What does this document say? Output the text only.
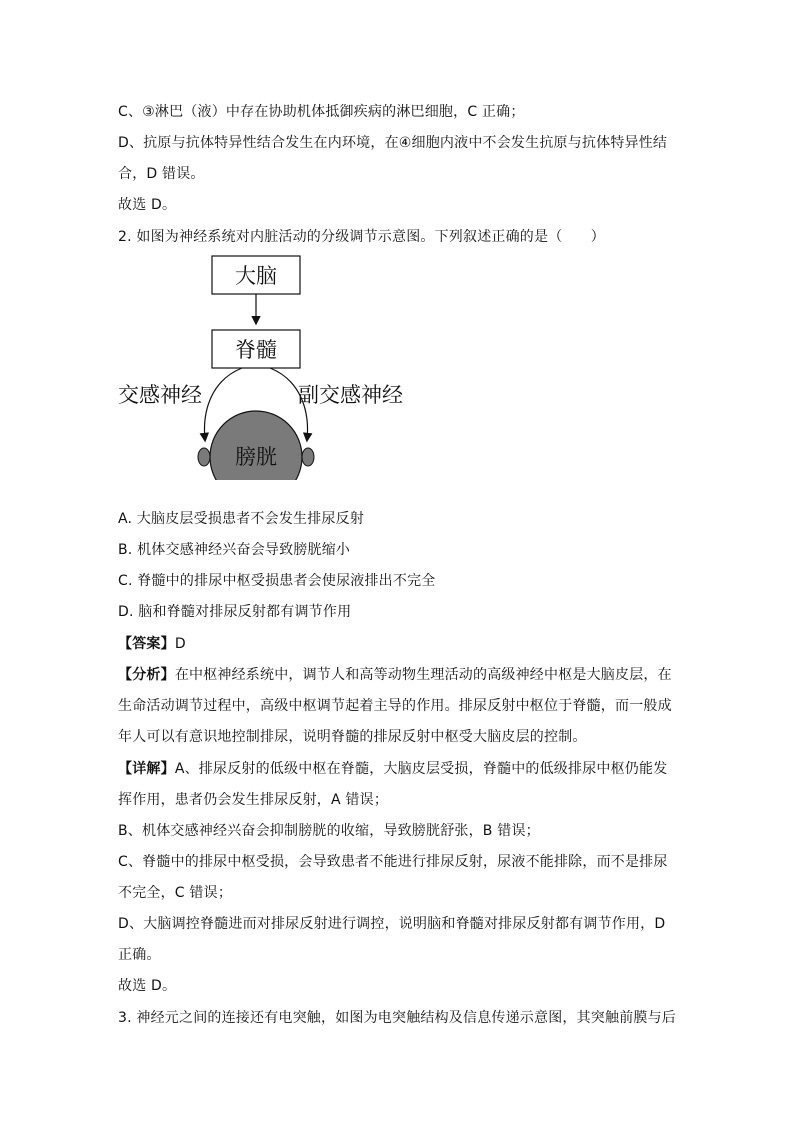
C、③淋巴（液）中存在协助机体抵御疾病的淋巴细胞，C 正确；
D、抗原与抗体特异性结合发生在内环境，在④细胞内液中不会发生抗原与抗体特异性结
合，D 错误。
故选 D。
2. 如图为神经系统对内脏活动的分级调节示意图。下列叙述正确的是（　　）
大脑
脊髓
交感神经	副交感神经
膀胱
A. 大脑皮层受损患者不会发生排尿反射
B. 机体交感神经兴奋会导致膀胱缩小
C. 脊髓中的排尿中枢受损患者会使尿液排出不完全
D. 脑和脊髓对排尿反射都有调节作用
【答案】D
【分析】在中枢神经系统中，调节人和高等动物生理活动的高级神经中枢是大脑皮层，在
生命活动调节过程中，高级中枢调节起着主导的作用。排尿反射中枢位于脊髓，而一般成
年人可以有意识地控制排尿，说明脊髓的排尿反射中枢受大脑皮层的控制。
【详解】A、排尿反射的低级中枢在脊髓，大脑皮层受损，脊髓中的低级排尿中枢仍能发
挥作用，患者仍会发生排尿反射，A 错误；
B、机体交感神经兴奋会抑制膀胱的收缩，导致膀胱舒张，B 错误；
C、脊髓中的排尿中枢受损，会导致患者不能进行排尿反射，尿液不能排除，而不是排尿
不完全，C 错误；
D、大脑调控脊髓进而对排尿反射进行调控，说明脑和脊髓对排尿反射都有调节作用，D
正确。
故选 D。
3. 神经元之间的连接还有电突触，如图为电突触结构及信息传递示意图，其突触前膜与后
